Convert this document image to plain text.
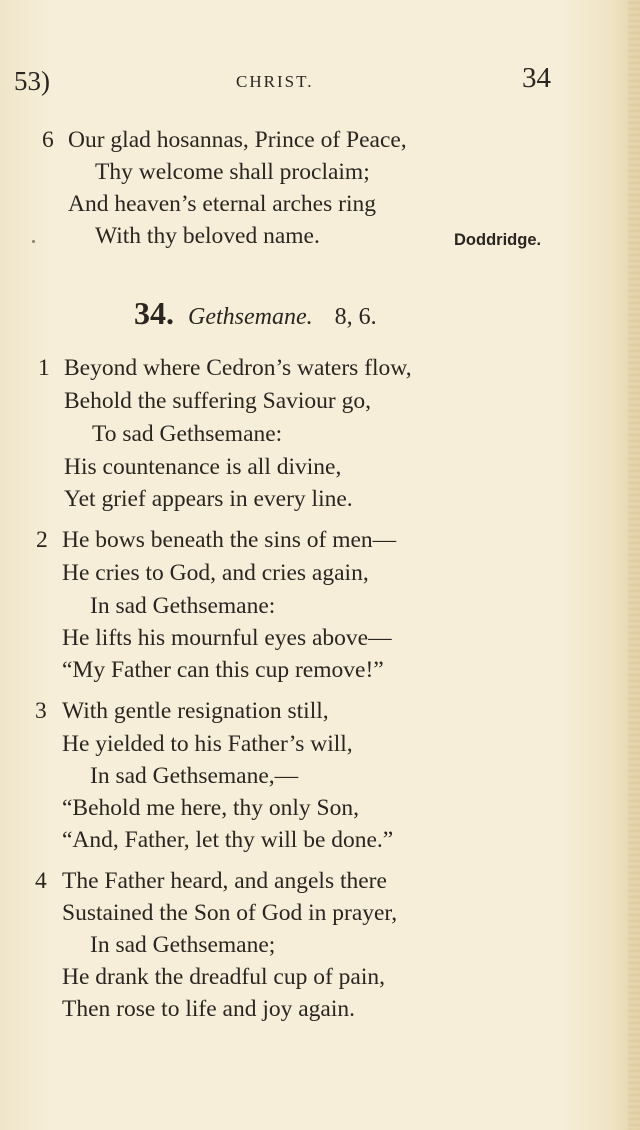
53)	CHRIST.	34
6 Our glad hosannas, Prince of Peace,
Thy welcome shall proclaim;
And heaven’s eternal arches ring
With thy beloved name.	Doddridge.
34. Gethsemane. 8, 6.
1 Beyond where Cedron’s waters flow,
Behold the suffering Saviour go,
To sad Gethsemane:
His countenance is all divine,
Yet grief appears in every line.
2 He bows beneath the sins of men—
He cries to God, and cries again,
In sad Gethsemane:
He lifts his mournful eyes above—
“My Father can this cup remove!”
3 With gentle resignation still,
He yielded to his Father’s will,
In sad Gethsemane,—
“Behold me here, thy only Son,
“And, Father, let thy will be done.”
4 The Father heard, and angels there
Sustained the Son of God in prayer,
In sad Gethsemane;
He drank the dreadful cup of pain,
Then rose to life and joy again.
